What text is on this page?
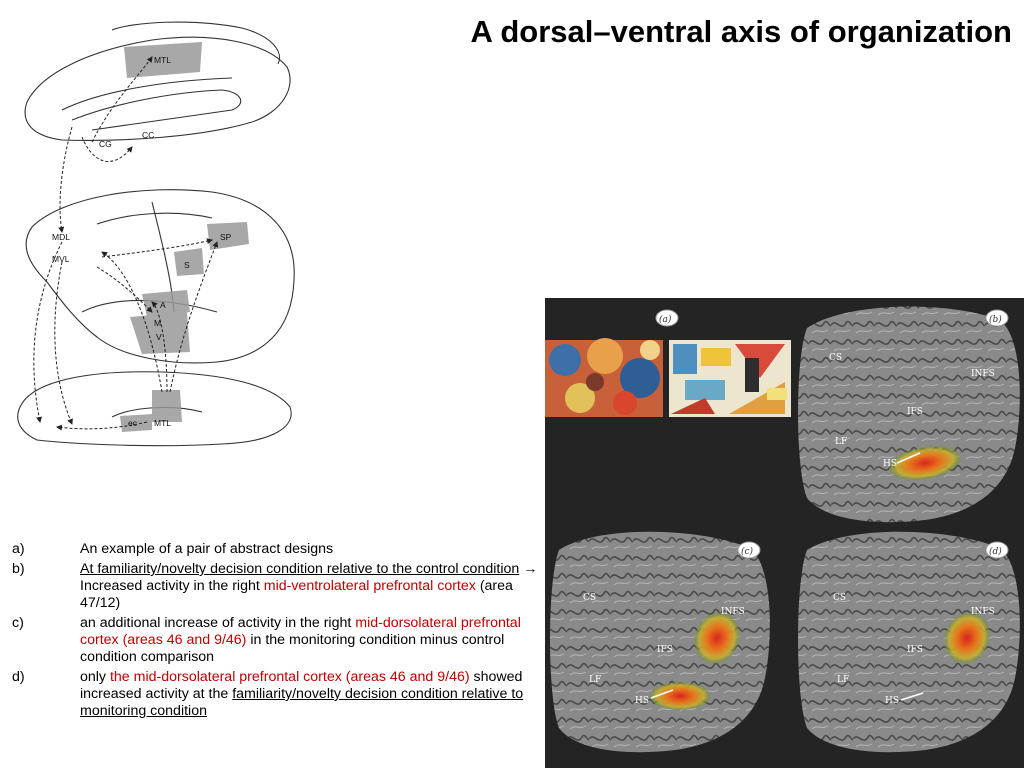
A dorsal–ventral axis of organization
MTL
CC
CG
MDL
MVL
SP
S
A
M
V
ec MTL
a)	An example of a pair of abstract designs
b)	At familiarity/novelty decision condition relative to the control condition → Increased activity in the right mid-ventrolateral prefrontal cortex (area 47/12)
c)	an additional increase of activity in the right mid-dorsolateral prefrontal cortex (areas 46 and 9/46) in the monitoring condition minus control condition comparison
d)	only the mid-dorsolateral prefrontal cortex (areas 46 and 9/46) showed increased activity at the familiarity/novelty decision condition relative to monitoring condition
(a)	(b)
CS
INFS
IFS
LF
HS
(c)
CS
INFS
IFS
LF
HS
(d)
CS
INFS
IFS
LF
HS
